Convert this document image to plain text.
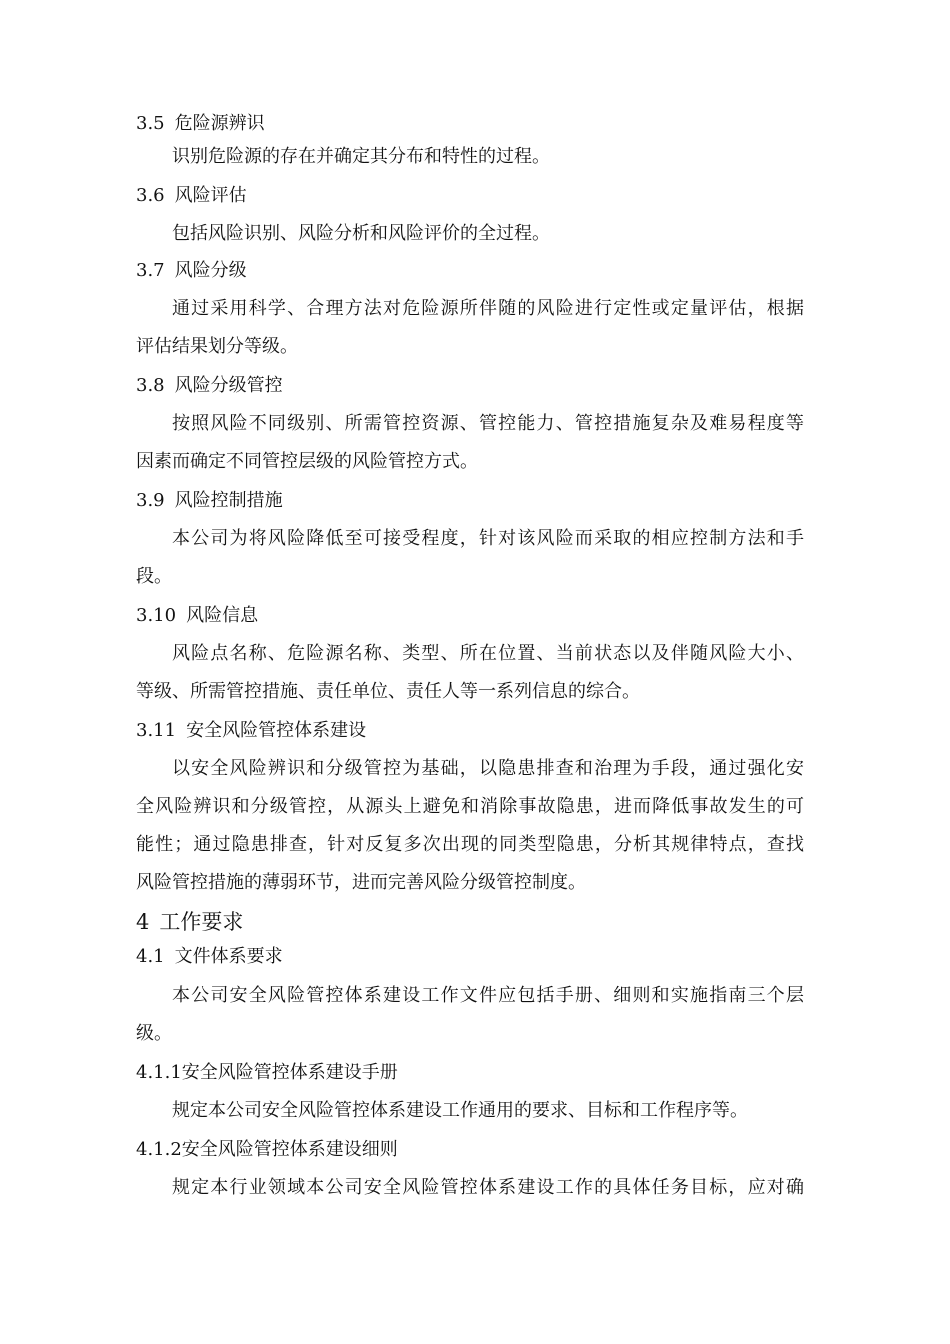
3.5 危险源辨识
识别危险源的存在并确定其分布和特性的过程。
3.6 风险评估
包括风险识别、风险分析和风险评价的全过程。
3.7 风险分级
通过采用科学、合理方法对危险源所伴随的风险进行定性或定量评估，根据
评估结果划分等级。
3.8 风险分级管控
按照风险不同级别、所需管控资源、管控能力、管控措施复杂及难易程度等
因素而确定不同管控层级的风险管控方式。
3.9 风险控制措施
本公司为将风险降低至可接受程度，针对该风险而采取的相应控制方法和手
段。
3.10 风险信息
风险点名称、危险源名称、类型、所在位置、当前状态以及伴随风险大小、
等级、所需管控措施、责任单位、责任人等一系列信息的综合。
3.11 安全风险管控体系建设
以安全风险辨识和分级管控为基础，以隐患排查和治理为手段，通过强化安
全风险辨识和分级管控，从源头上避免和消除事故隐患，进而降低事故发生的可
能性；通过隐患排查，针对反复多次出现的同类型隐患，分析其规律特点，查找
风险管控措施的薄弱环节，进而完善风险分级管控制度。
4 工作要求
4.1 文件体系要求
本公司安全风险管控体系建设工作文件应包括手册、细则和实施指南三个层
级。
4.1.1安全风险管控体系建设手册
规定本公司安全风险管控体系建设工作通用的要求、目标和工作程序等。
4.1.2安全风险管控体系建设细则
规定本行业领域本公司安全风险管控体系建设工作的具体任务目标，应对确
